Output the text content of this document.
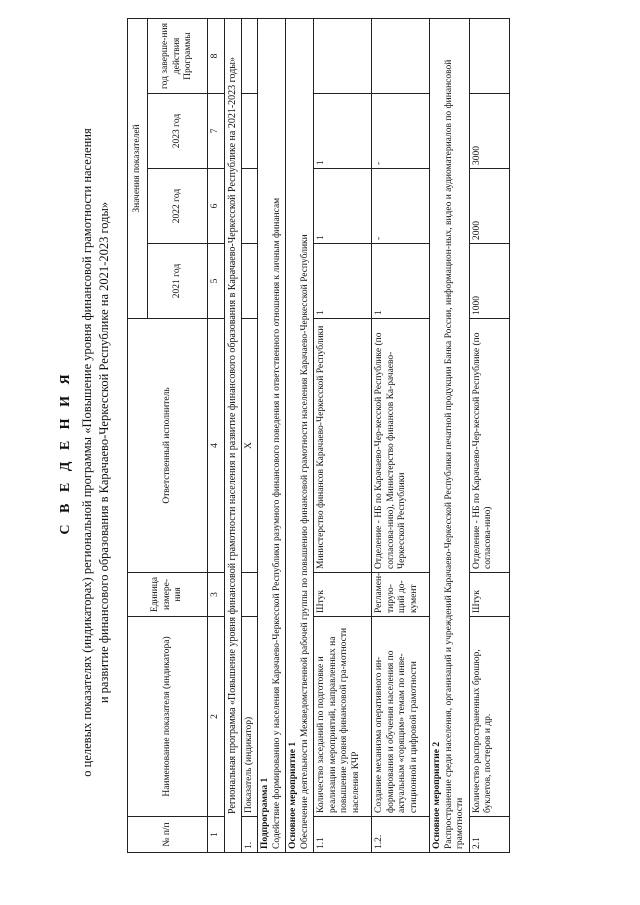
С В Е Д Е Н И Я о целевых показателях (индикаторах) региональной программы «Повышение уровня финансовой грамотности населения и развитие финансового образования в Карачаево-Черкесской Республике на 2021-2023 годы»
№ п/п	Наименование показателя (индикатора)	Единица измере-ния	Ответственный исполнитель	Значения показателей			
				2021 год	2022 год	2023 год	год заверше-ния действия Программы
1	2	3	4	5	6	7	8
Региональная программа «Повышение уровня финансовой грамотности населения и развитие финансового образования в Карачаево-Черкесской Республике на 2021-2023 годы»							
1.	Показатель (индикатор)		X				

Подпрограмма 1 Содействие формированию у населения Карачаево-Черкесской Республики разумного финансового поведения и ответственного отношения к личным финансам							

Основное мероприятие 1 Обеспечение деятельности Межведомственной рабочей группы по повышению финансовой грамотности населения Карачаево-Черкесской Республики							

1.1	Количество заседаний по подготовке и реализации мероприятий, направленных на повышение уровня финансовой гра-мотности населения КЧР	Штук	Министерство финансов Карачаево-Черкесской Республики	1	1	1	
1.2.	Создание механизма оперативного ин-формирования и обучения населения по актуальным «горящим» темам по инве-стиционной и цифровой грамотности	Регламен-тирую-щий до-кумент	Отделение - НБ по Карачаево-Чер-кесской Республике (по согласова-нию), Министерство финансов Ка-рачаево-Черкесской Республики	1	-	-	

Основное мероприятие 2 Распространение среди населения, организаций и учреждений Карачаево-Черкесской Республики печатной продукции Банка России, информацион-ных, видео и аудиоматериалов по финансовой грамотности							

2.1	Количество распространенных брошюр, буклетов, постеров и др.	Штук	Отделение - НБ по Карачаево-Чер-кесской Республике (по согласова-нию)	1000	2000	3000	
